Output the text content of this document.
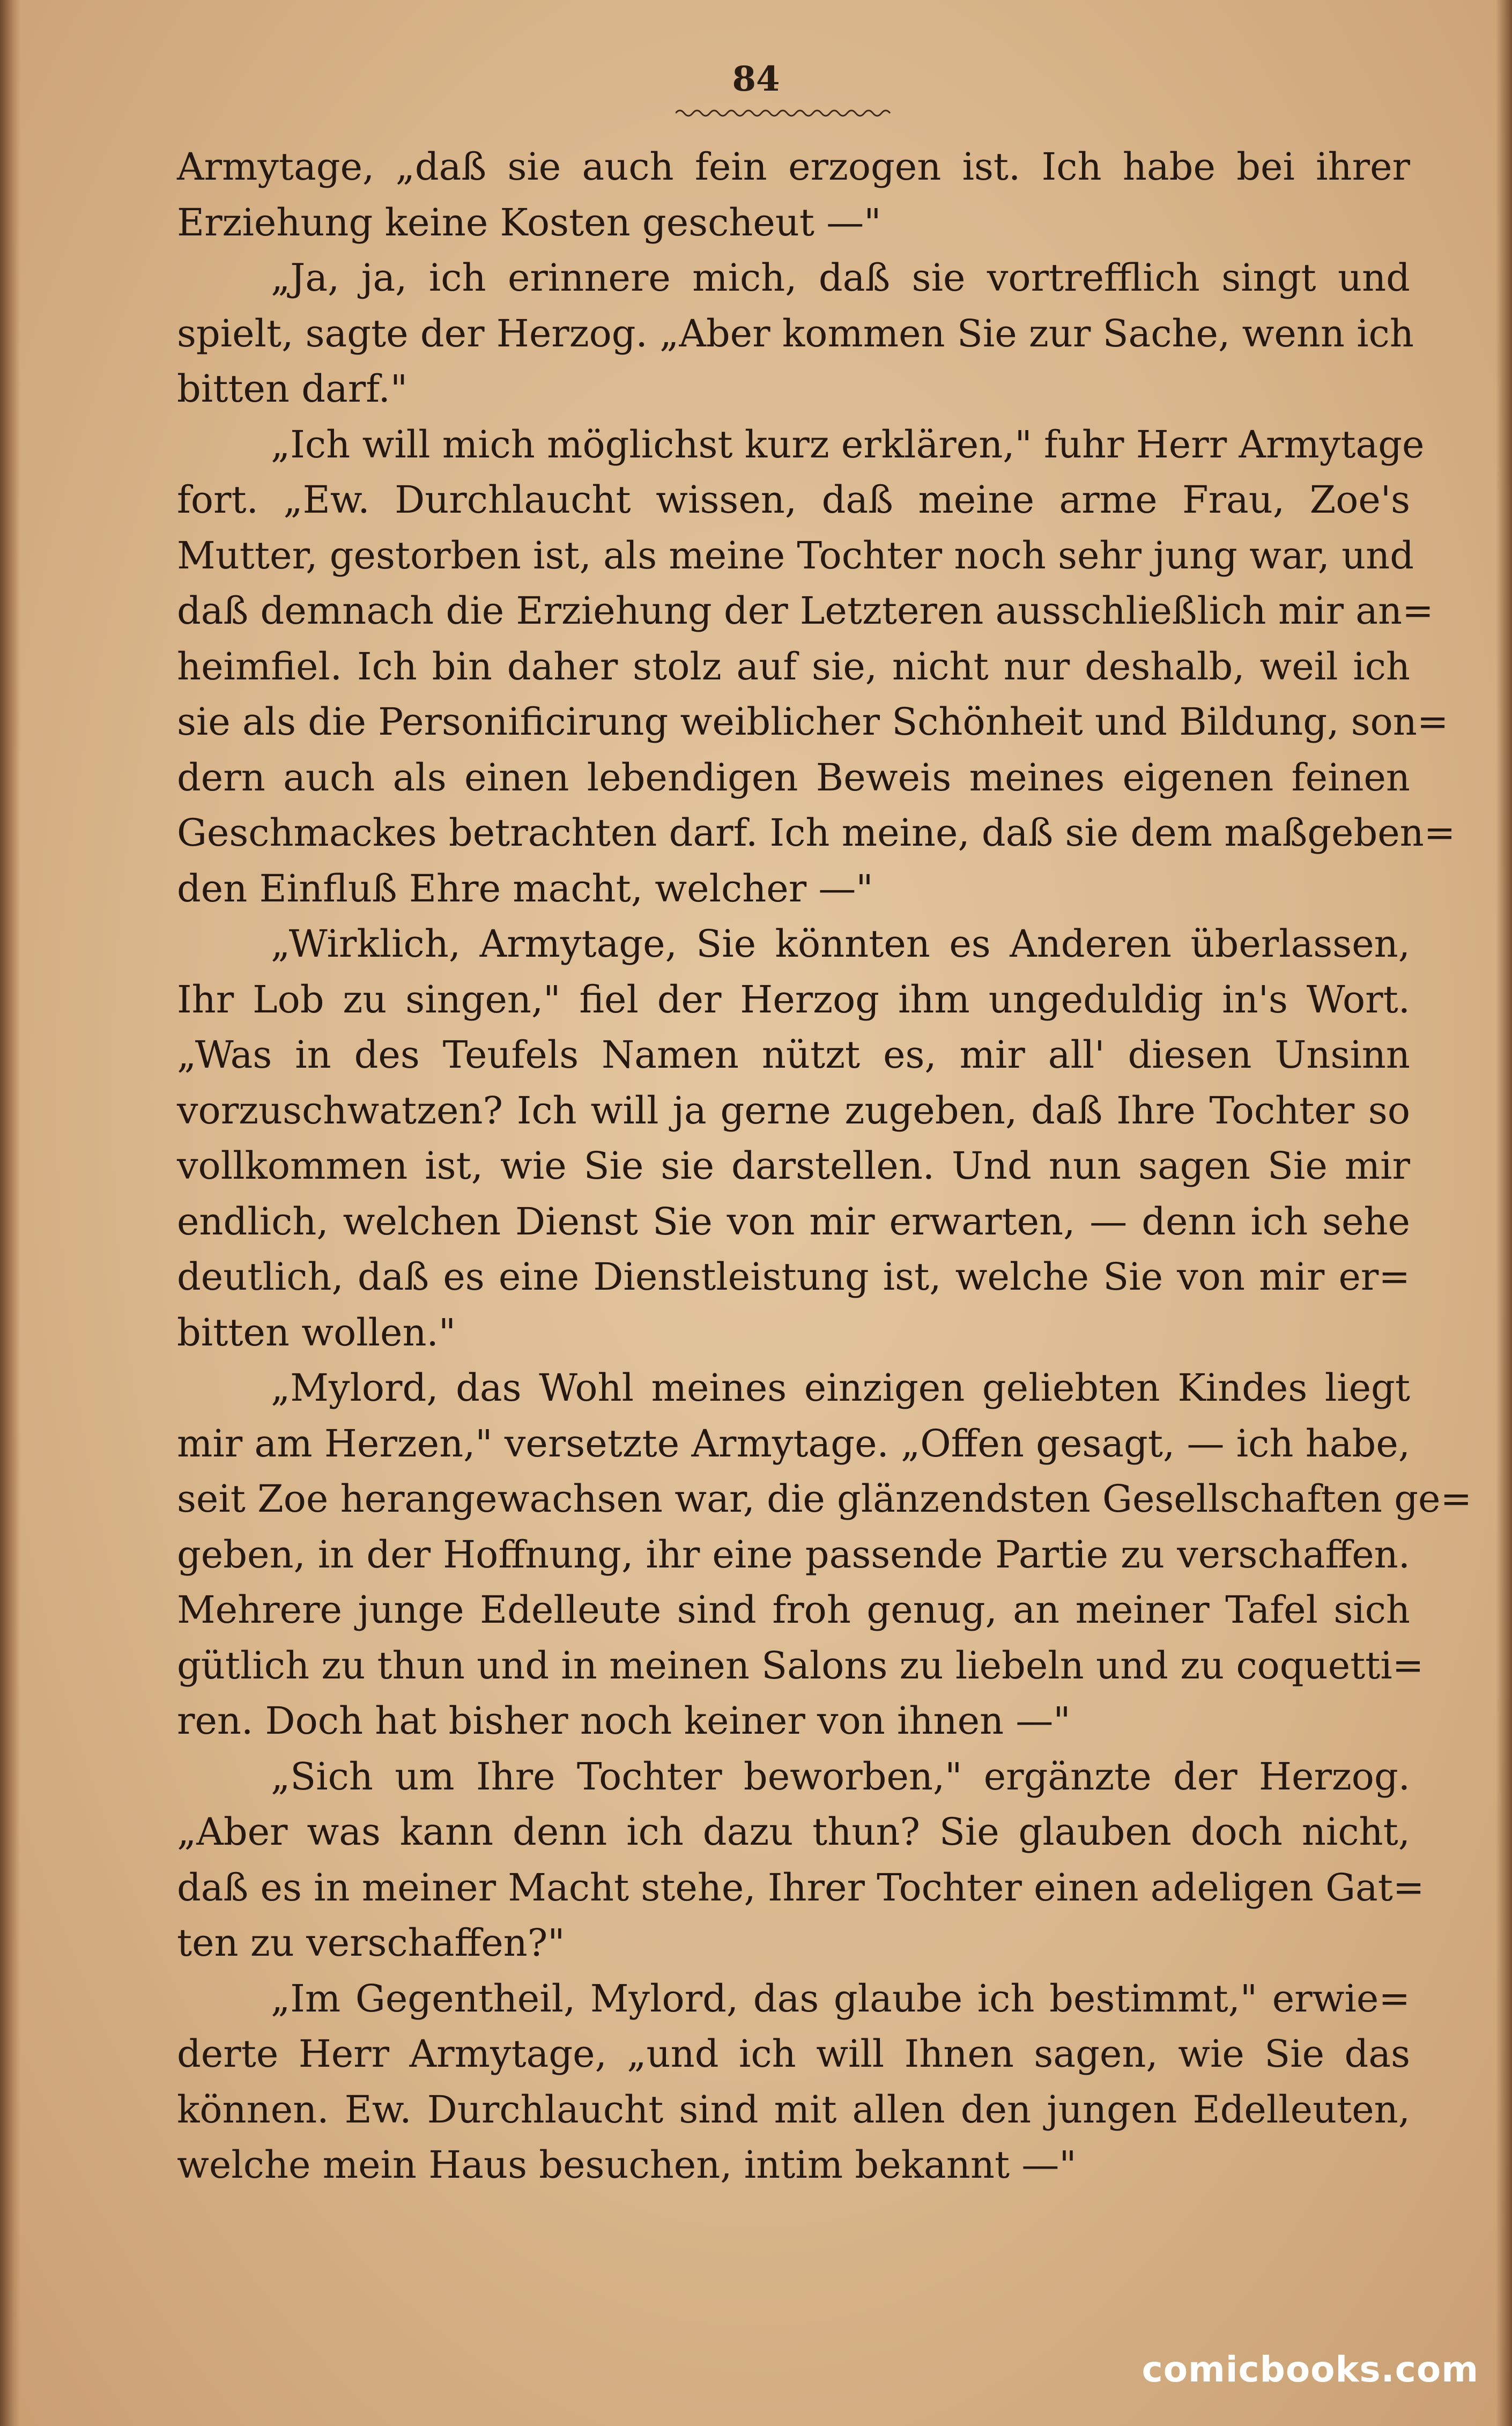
84
Armytage, „daß sie auch fein erzogen ist. Ich habe bei ihrer
Erziehung keine Kosten gescheut —"
„Ja, ja, ich erinnere mich, daß sie vortrefflich singt und
spielt, sagte der Herzog. „Aber kommen Sie zur Sache, wenn ich
bitten darf."
„Ich will mich möglichst kurz erklären," fuhr Herr Armytage
fort. „Ew. Durchlaucht wissen, daß meine arme Frau, Zoe's
Mutter, gestorben ist, als meine Tochter noch sehr jung war, und
daß demnach die Erziehung der Letzteren ausschließlich mir an=
heimfiel. Ich bin daher stolz auf sie, nicht nur deshalb, weil ich
sie als die Personificirung weiblicher Schönheit und Bildung, son=
dern auch als einen lebendigen Beweis meines eigenen feinen
Geschmackes betrachten darf. Ich meine, daß sie dem maßgeben=
den Einfluß Ehre macht, welcher —"
„Wirklich, Armytage, Sie könnten es Anderen überlassen,
Ihr Lob zu singen," fiel der Herzog ihm ungeduldig in's Wort.
„Was in des Teufels Namen nützt es, mir all' diesen Unsinn
vorzuschwatzen? Ich will ja gerne zugeben, daß Ihre Tochter so
vollkommen ist, wie Sie sie darstellen. Und nun sagen Sie mir
endlich, welchen Dienst Sie von mir erwarten, — denn ich sehe
deutlich, daß es eine Dienstleistung ist, welche Sie von mir er=
bitten wollen."
„Mylord, das Wohl meines einzigen geliebten Kindes liegt
mir am Herzen," versetzte Armytage. „Offen gesagt, — ich habe,
seit Zoe herangewachsen war, die glänzendsten Gesellschaften ge=
geben, in der Hoffnung, ihr eine passende Partie zu verschaffen.
Mehrere junge Edelleute sind froh genug, an meiner Tafel sich
gütlich zu thun und in meinen Salons zu liebeln und zu coquetti=
ren. Doch hat bisher noch keiner von ihnen —"
„Sich um Ihre Tochter beworben," ergänzte der Herzog.
„Aber was kann denn ich dazu thun? Sie glauben doch nicht,
daß es in meiner Macht stehe, Ihrer Tochter einen adeligen Gat=
ten zu verschaffen?"
„Im Gegentheil, Mylord, das glaube ich bestimmt," erwie=
derte Herr Armytage, „und ich will Ihnen sagen, wie Sie das
können. Ew. Durchlaucht sind mit allen den jungen Edelleuten,
welche mein Haus besuchen, intim bekannt —"
comicbooks.com
